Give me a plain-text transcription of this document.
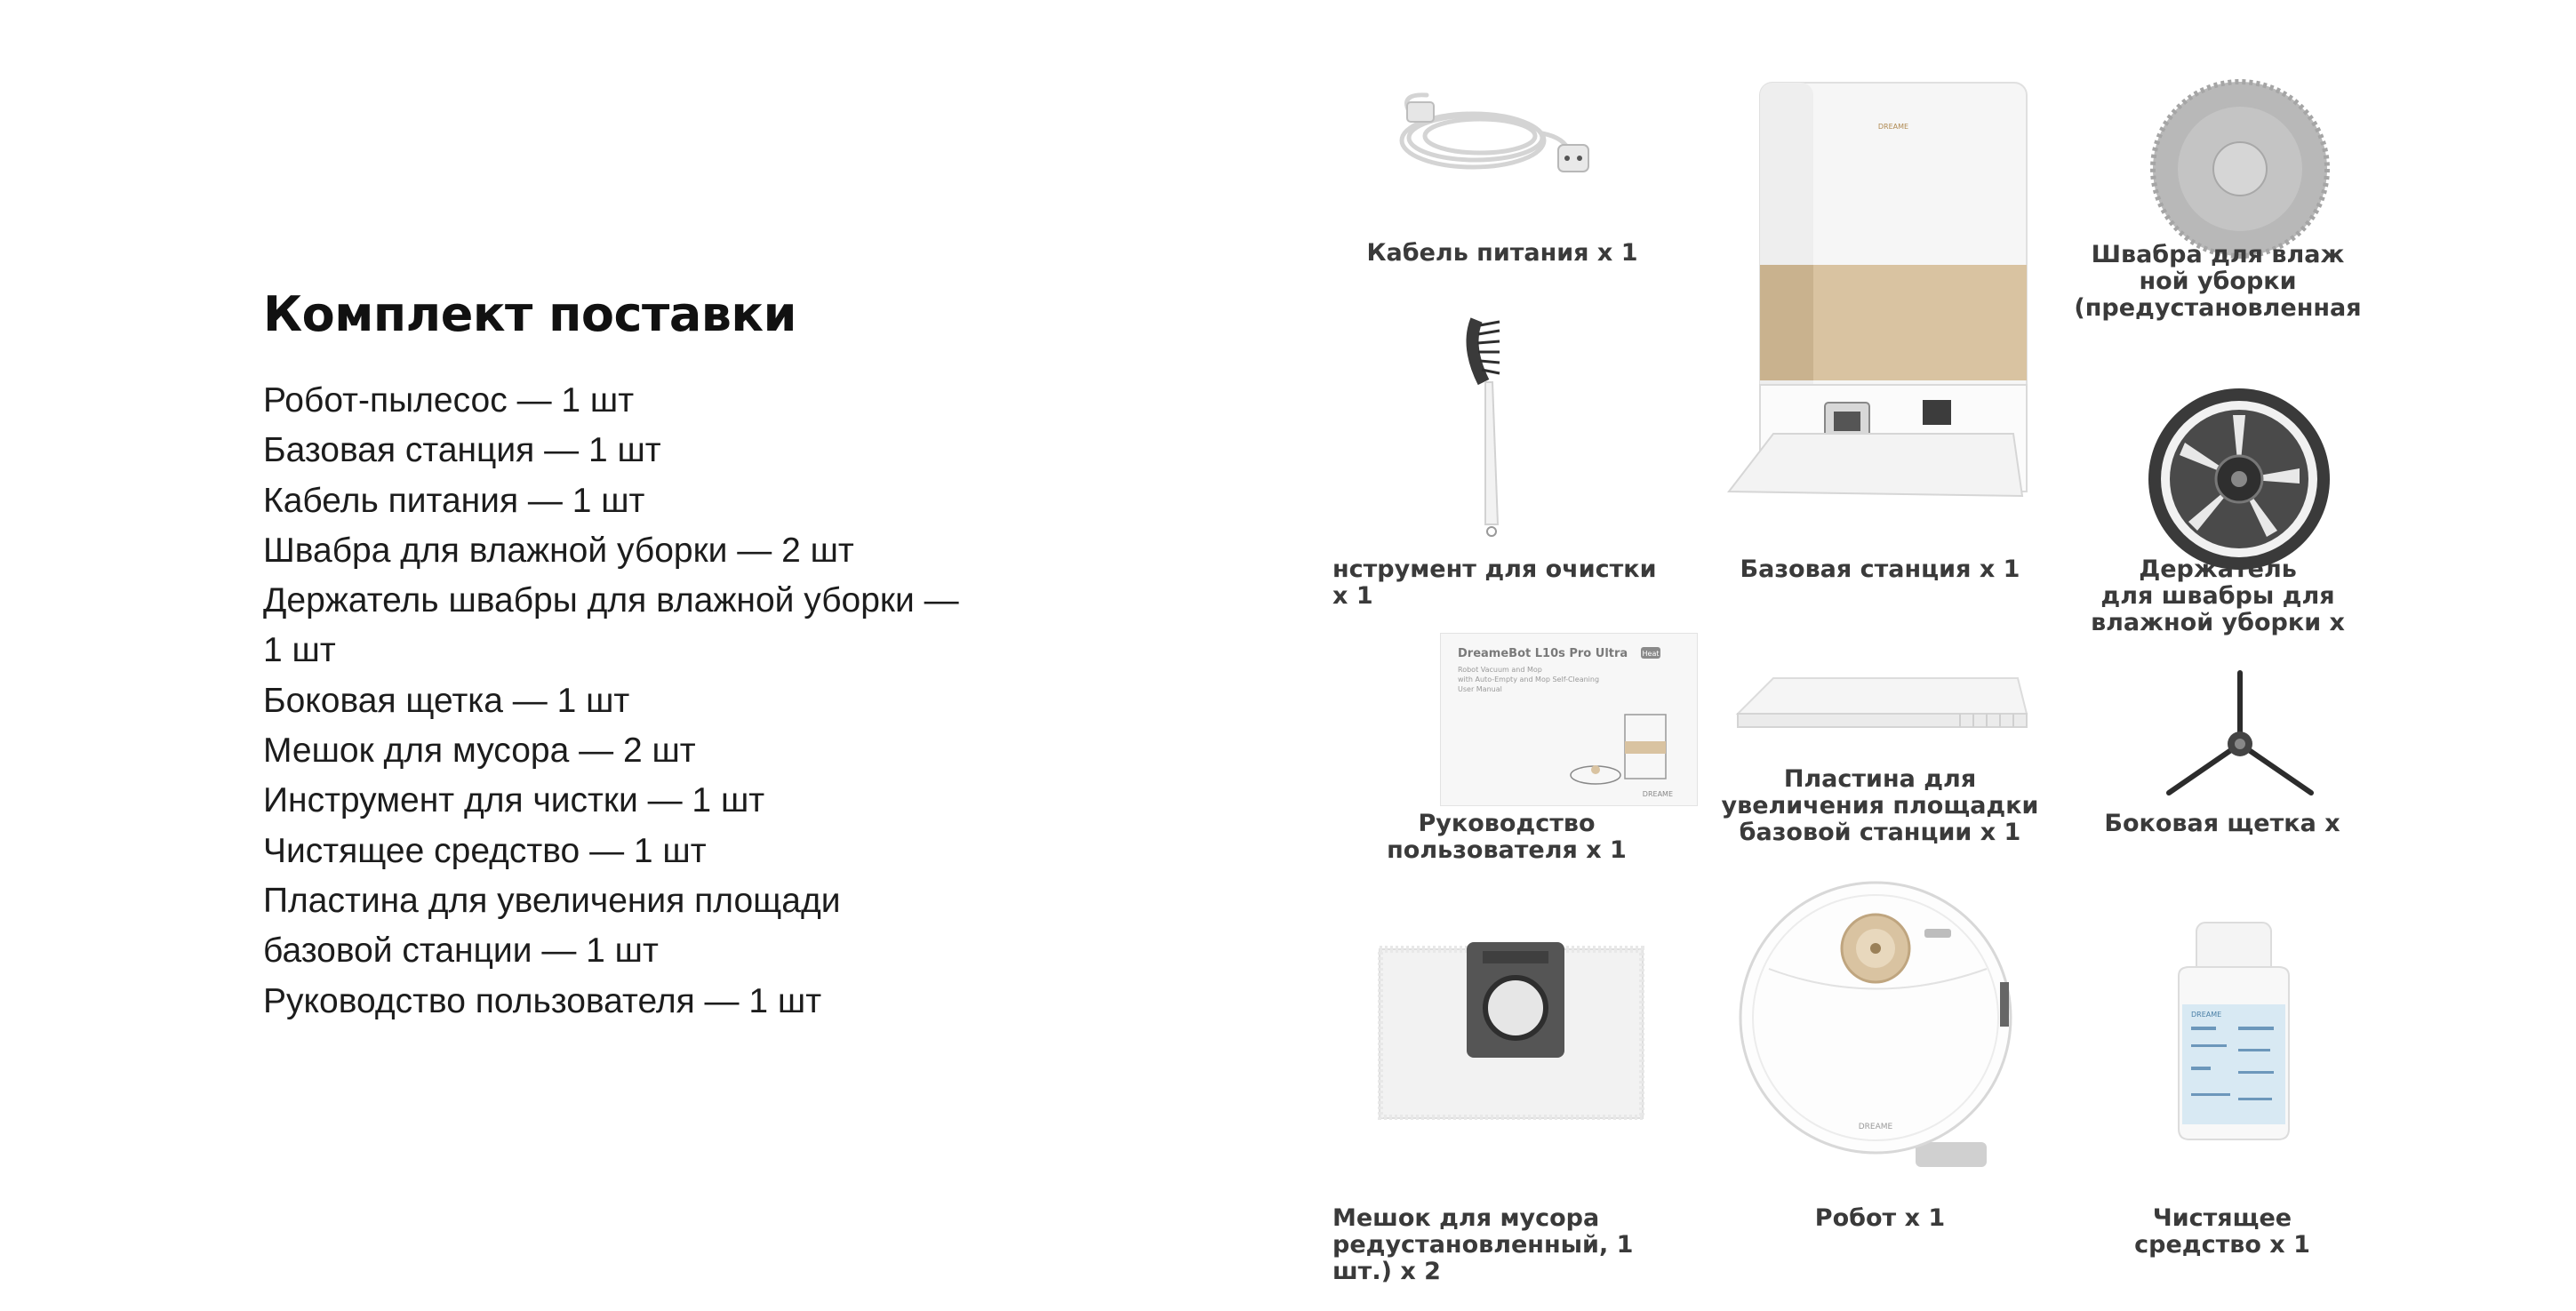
Комплект поставки
Робот-пылесос — 1 шт
Базовая станция — 1 шт
Кабель питания — 1 шт
Швабра для влажной уборки — 2 шт
Держатель швабры для влажной уборки — 1 шт
Боковая щетка — 1 шт
Мешок для мусора — 2 шт
Инструмент для чистки — 1 шт
Чистящее средство — 1 шт
Пластина для увеличения площади базовой станции — 1 шт
Руководство пользователя — 1 шт
Кабель питания х 1
нструмент для очистки х 1
DREAME
Базовая станция х 1
Швабра для влаж
ной уборки
(предустановленная
Держатель
для швабры для
влажной уборки х
DreameBot L10s Pro Ultra Heat
Robot Vacuum and Mop
with Auto-Empty and Mop Self-Cleaning
User Manual
DREAME
Руководство
пользователя х 1
Пластина для
увеличения площадки
базовой станции х 1	Боковая щетка х
Мешок для мусора
редустановленный, 1 шт.) х 2
DREAME
Робот х 1
DREAME
Чистящее
средство х 1
